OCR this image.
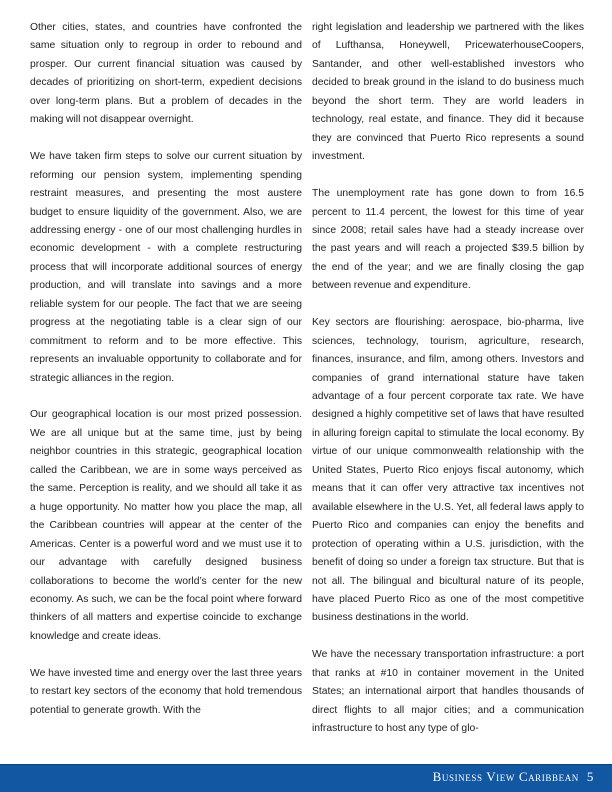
Other cities, states, and countries have confronted the same situation only to regroup in order to rebound and prosper. Our current financial situation was caused by decades of prioritizing on short-term, expedient decisions over long-term plans. But a problem of decades in the making will not disappear overnight.

We have taken firm steps to solve our current situation by reforming our pension system, implementing spending restraint measures, and presenting the most austere budget to ensure liquidity of the government. Also, we are addressing energy - one of our most challenging hurdles in economic development - with a complete restructuring process that will incorporate additional sources of energy production, and will translate into savings and a more reliable system for our people. The fact that we are seeing progress at the negotiating table is a clear sign of our commitment to reform and to be more effective. This represents an invaluable opportunity to collaborate and for strategic alliances in the region.

Our geographical location is our most prized possession. We are all unique but at the same time, just by being neighbor countries in this strategic, geographical location called the Caribbean, we are in some ways perceived as the same. Perception is reality, and we should all take it as a huge opportunity. No matter how you place the map, all the Caribbean countries will appear at the center of the Americas. Center is a powerful word and we must use it to our advantage with carefully designed business collaborations to become the world’s center for the new economy. As such, we can be the focal point where forward thinkers of all matters and expertise coincide to exchange knowledge and create ideas.

We have invested time and energy over the last three years to restart key sectors of the economy that hold tremendous potential to generate growth. With the

right legislation and leadership we partnered with the likes of Lufthansa, Honeywell, PricewaterhouseCoopers, Santander, and other well-established investors who decided to break ground in the island to do business much beyond the short term. They are world leaders in technology, real estate, and finance. They did it because they are convinced that Puerto Rico represents a sound investment.

The unemployment rate has gone down to from 16.5 percent to 11.4 percent, the lowest for this time of year since 2008; retail sales have had a steady increase over the past years and will reach a projected $39.5 billion by the end of the year; and we are finally closing the gap between revenue and expenditure.

Key sectors are flourishing: aerospace, bio-pharma, live sciences, technology, tourism, agriculture, research, finances, insurance, and film, among others. Investors and companies of grand international stature have taken advantage of a four percent corporate tax rate. We have designed a highly competitive set of laws that have resulted in alluring foreign capital to stimulate the local economy. By virtue of our unique commonwealth relationship with the United States, Puerto Rico enjoys fiscal autonomy, which means that it can offer very attractive tax incentives not available elsewhere in the U.S. Yet, all federal laws apply to Puerto Rico and companies can enjoy the benefits and protection of operating within a U.S. jurisdiction, with the benefit of doing so under a foreign tax structure. But that is not all. The bilingual and bicultural nature of its people, have placed Puerto Rico as one of the most competitive business destinations in the world.

We have the necessary transportation infrastructure: a port that ranks at #10 in container movement in the United States; an international airport that handles thousands of direct flights to all major cities; and a communication infrastructure to host any type of glo-

Business View Caribbean 5
